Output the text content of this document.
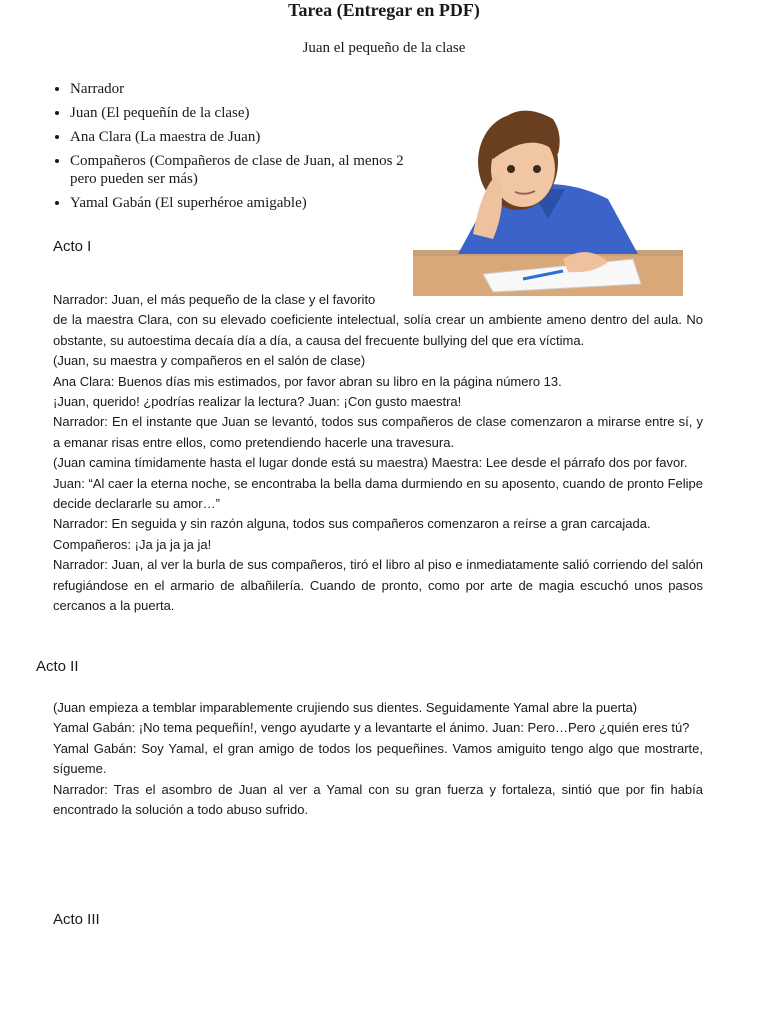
Tarea (Entregar en PDF)

Juan el pequeño de la clase

• Narrador
• Juan (El pequeñín de la clase)
• Ana Clara (La maestra de Juan)
• Compañeros (Compañeros de clase de Juan, al menos 2 pero pueden ser más)
• Yamal Gabán (El superhéroe amigable)
Acto I

Narrador: Juan, el más pequeño de la clase y el favorito

de la maestra Clara, con su elevado coeficiente intelectual, solía crear un ambiente ameno dentro del aula. No obstante, su autoestima decaía día a día, a causa del frecuente bullying del que era víctima.

(Juan, su maestra y compañeros en el salón de clase)

Ana Clara: Buenos días mis estimados, por favor abran su libro en la página número 13.

¡Juan, querido! ¿podrías realizar la lectura? Juan: ¡Con gusto maestra!

Narrador: En el instante que Juan se levantó, todos sus compañeros de clase comenzaron a mirarse entre sí, y a emanar risas entre ellos, como pretendiendo hacerle una travesura.

(Juan camina tímidamente hasta el lugar donde está su maestra) Maestra: Lee desde el párrafo dos por favor.

Juan: “Al caer la eterna noche, se encontraba la bella dama durmiendo en su aposento, cuando de pronto Felipe decide declararle su amor…”

Narrador: En seguida y sin razón alguna, todos sus compañeros comenzaron a reírse a gran carcajada.

Compañeros: ¡Ja ja ja ja ja!

Narrador: Juan, al ver la burla de sus compañeros, tiró el libro al piso e inmediatamente salió corriendo del salón refugiándose en el armario de albañilería. Cuando de pronto, como por arte de magia escuchó unos pasos cercanos a la puerta.

Acto II

(Juan empieza a temblar imparablemente crujiendo sus dientes. Seguidamente Yamal abre la puerta)

Yamal Gabán: ¡No tema pequeñín!, vengo ayudarte y a levantarte el ánimo. Juan: Pero…Pero ¿quién eres tú?

Yamal Gabán: Soy Yamal, el gran amigo de todos los pequeñines. Vamos amiguito tengo algo que mostrarte, sígueme.

Narrador: Tras el asombro de Juan al ver a Yamal con su gran fuerza y fortaleza, sintió que por fin había encontrado la solución a todo abuso sufrido.

Acto III
